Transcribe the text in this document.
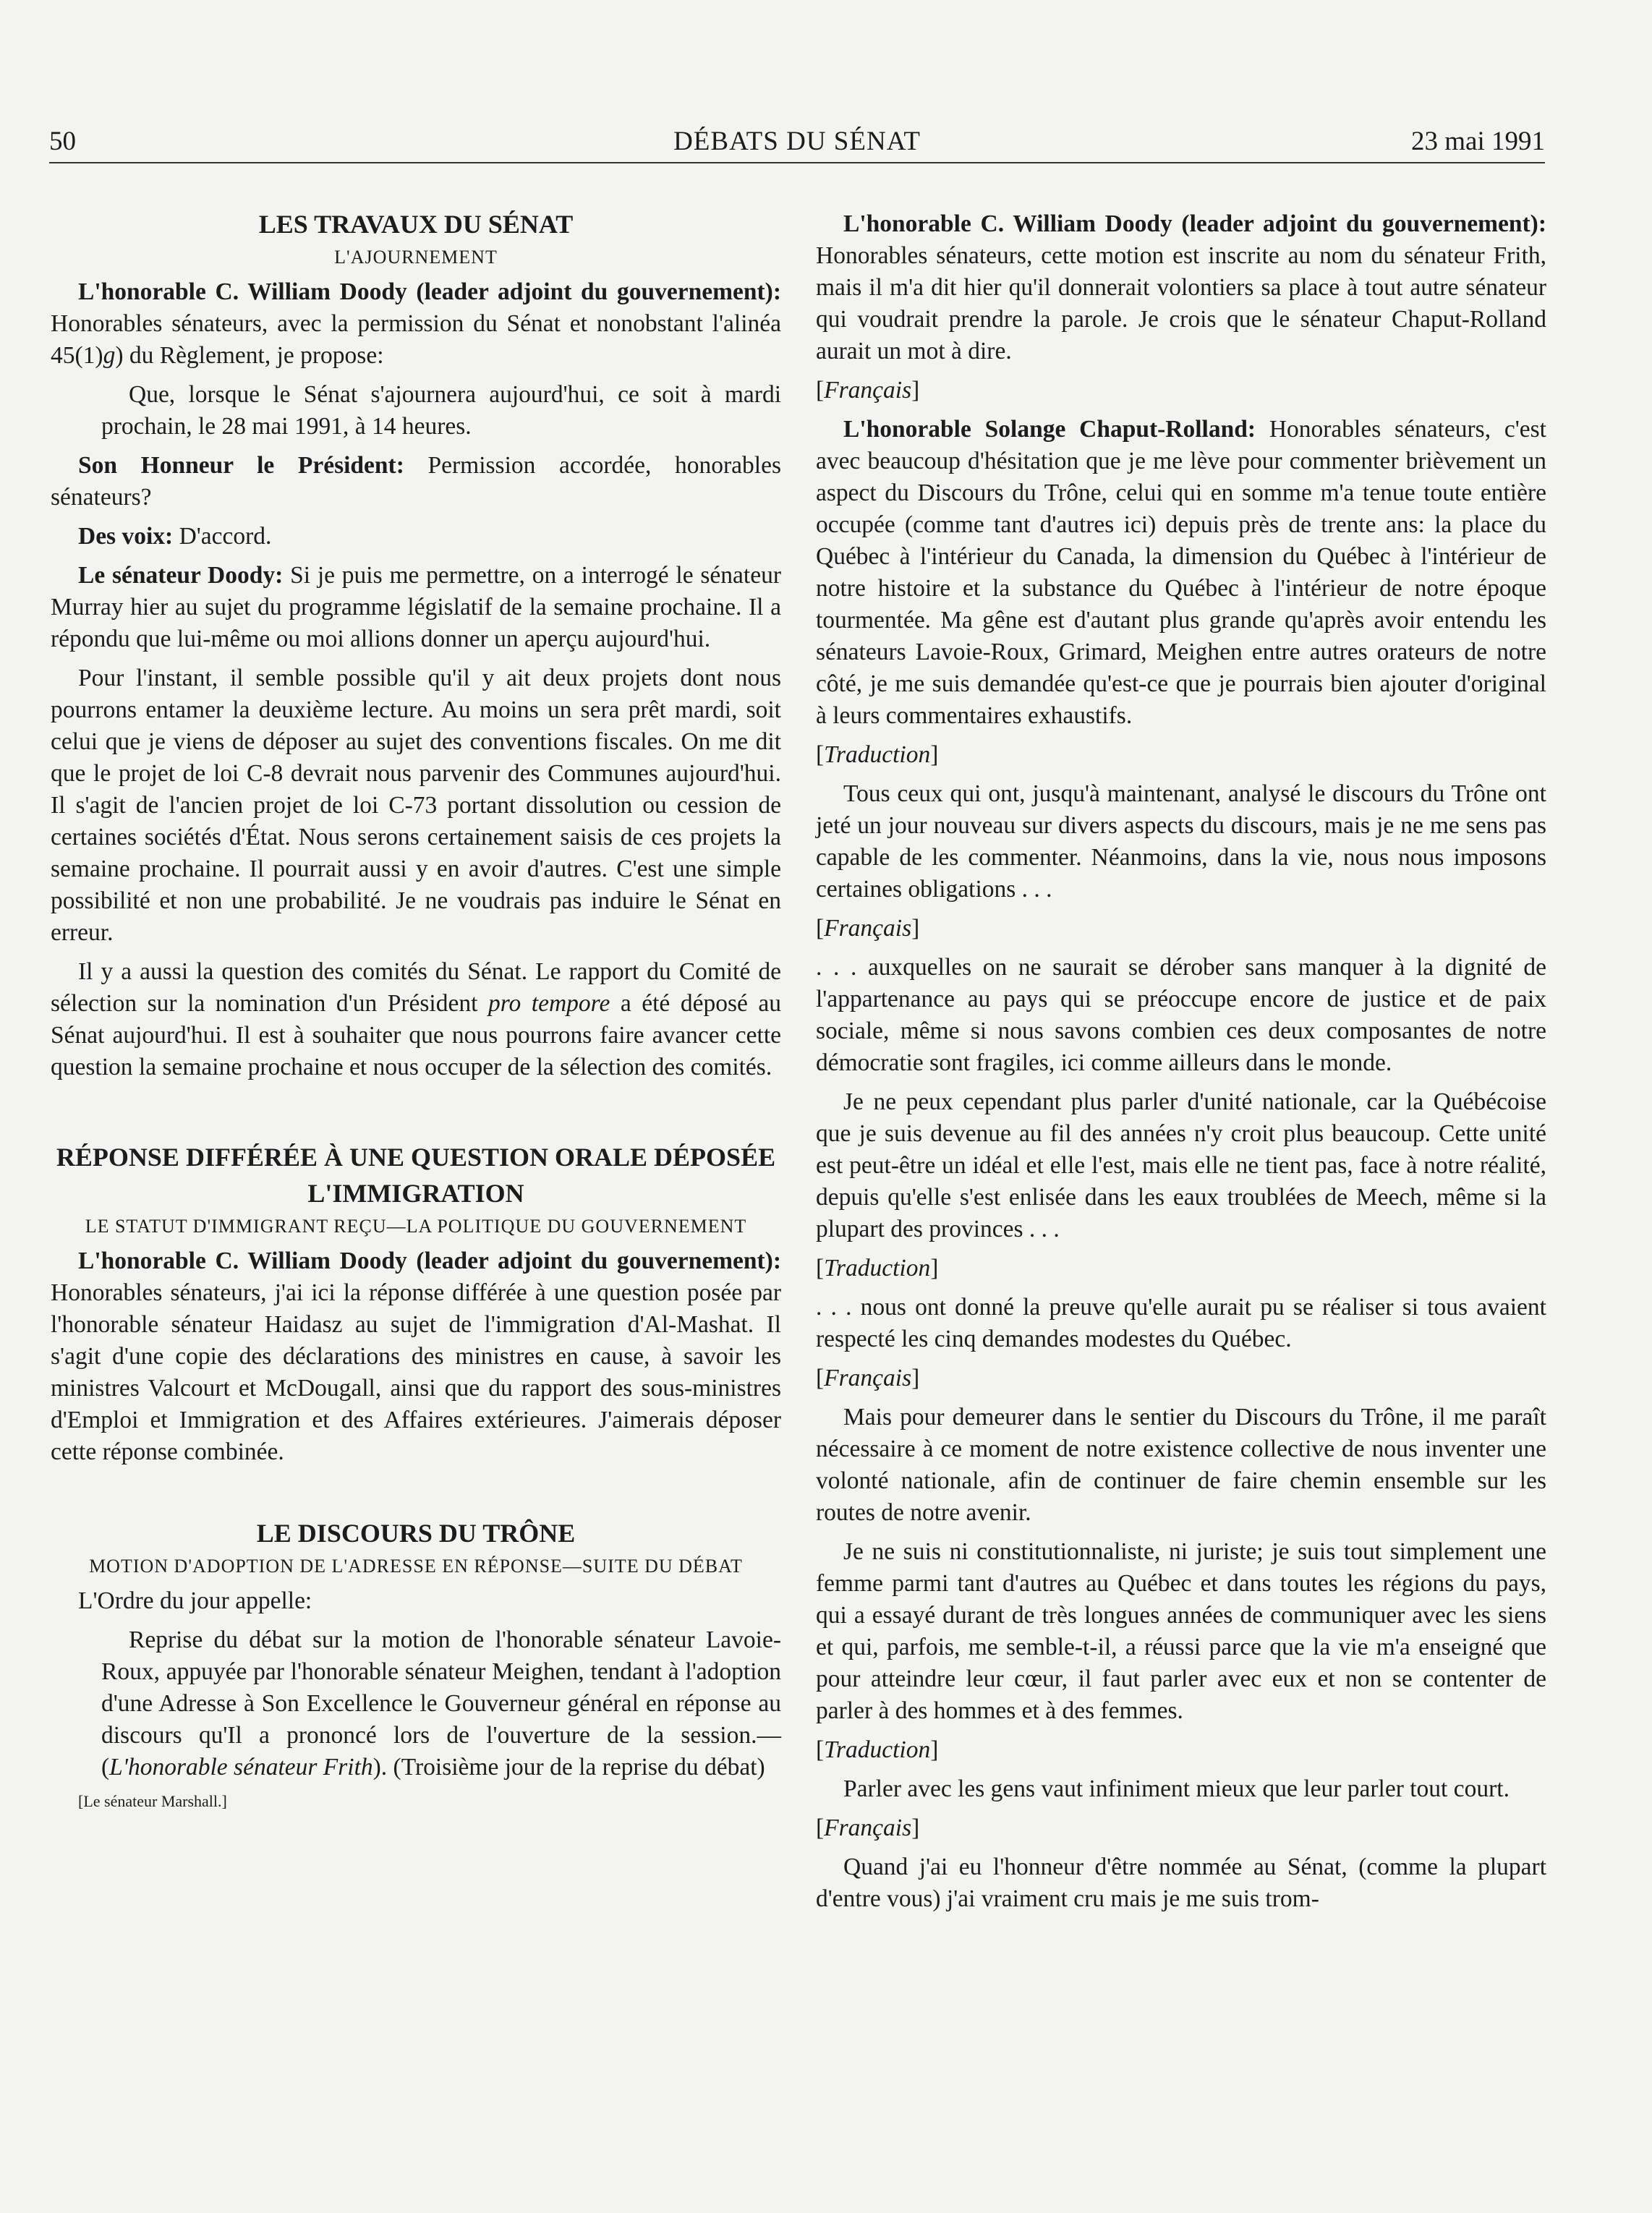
50	DÉBATS DU SÉNAT	23 mai 1991
LES TRAVAUX DU SÉNAT
L'AJOURNEMENT

L'honorable C. William Doody (leader adjoint du gouvernement): Honorables sénateurs, avec la permission du Sénat et nonobstant l'alinéa 45(1)g) du Règlement, je propose:

Que, lorsque le Sénat s'ajournera aujourd'hui, ce soit à mardi prochain, le 28 mai 1991, à 14 heures.

Son Honneur le Président: Permission accordée, honorables sénateurs?

Des voix: D'accord.

Le sénateur Doody: Si je puis me permettre, on a interrogé le sénateur Murray hier au sujet du programme législatif de la semaine prochaine. Il a répondu que lui-même ou moi allions donner un aperçu aujourd'hui.

Pour l'instant, il semble possible qu'il y ait deux projets dont nous pourrons entamer la deuxième lecture. Au moins un sera prêt mardi, soit celui que je viens de déposer au sujet des conventions fiscales. On me dit que le projet de loi C-8 devrait nous parvenir des Communes aujourd'hui. Il s'agit de l'ancien projet de loi C-73 portant dissolution ou cession de certaines sociétés d'État. Nous serons certainement saisis de ces projets la semaine prochaine. Il pourrait aussi y en avoir d'autres. C'est une simple possibilité et non une probabilité. Je ne voudrais pas induire le Sénat en erreur.

Il y a aussi la question des comités du Sénat. Le rapport du Comité de sélection sur la nomination d'un Président pro tempore a été déposé au Sénat aujourd'hui. Il est à souhaiter que nous pourrons faire avancer cette question la semaine prochaine et nous occuper de la sélection des comités.

RÉPONSE DIFFÉRÉE À UNE QUESTION ORALE DÉPOSÉE
L'IMMIGRATION
LE STATUT D'IMMIGRANT REÇU—LA POLITIQUE DU GOUVERNEMENT

L'honorable C. William Doody (leader adjoint du gouvernement): Honorables sénateurs, j'ai ici la réponse différée à une question posée par l'honorable sénateur Haidasz au sujet de l'immigration d'Al-Mashat. Il s'agit d'une copie des déclarations des ministres en cause, à savoir les ministres Valcourt et McDougall, ainsi que du rapport des sous-ministres d'Emploi et Immigration et des Affaires extérieures. J'aimerais déposer cette réponse combinée.

LE DISCOURS DU TRÔNE
MOTION D'ADOPTION DE L'ADRESSE EN RÉPONSE—SUITE DU DÉBAT

L'Ordre du jour appelle:

Reprise du débat sur la motion de l'honorable sénateur Lavoie-Roux, appuyée par l'honorable sénateur Meighen, tendant à l'adoption d'une Adresse à Son Excellence le Gouverneur général en réponse au discours qu'Il a prononcé lors de l'ouverture de la session.—(L'honorable sénateur Frith). (Troisième jour de la reprise du débat)

[Le sénateur Marshall.]

L'honorable C. William Doody (leader adjoint du gouvernement): Honorables sénateurs, cette motion est inscrite au nom du sénateur Frith, mais il m'a dit hier qu'il donnerait volontiers sa place à tout autre sénateur qui voudrait prendre la parole. Je crois que le sénateur Chaput-Rolland aurait un mot à dire.

[Français]

L'honorable Solange Chaput-Rolland: Honorables sénateurs, c'est avec beaucoup d'hésitation que je me lève pour commenter brièvement un aspect du Discours du Trône, celui qui en somme m'a tenue toute entière occupée (comme tant d'autres ici) depuis près de trente ans: la place du Québec à l'intérieur du Canada, la dimension du Québec à l'intérieur de notre histoire et la substance du Québec à l'intérieur de notre époque tourmentée. Ma gêne est d'autant plus grande qu'après avoir entendu les sénateurs Lavoie-Roux, Grimard, Meighen entre autres orateurs de notre côté, je me suis demandée qu'est-ce que je pourrais bien ajouter d'original à leurs commentaires exhaustifs.

[Traduction]

Tous ceux qui ont, jusqu'à maintenant, analysé le discours du Trône ont jeté un jour nouveau sur divers aspects du discours, mais je ne me sens pas capable de les commenter. Néanmoins, dans la vie, nous nous imposons certaines obligations . . .

[Français]

. . . auxquelles on ne saurait se dérober sans manquer à la dignité de l'appartenance au pays qui se préoccupe encore de justice et de paix sociale, même si nous savons combien ces deux composantes de notre démocratie sont fragiles, ici comme ailleurs dans le monde.

Je ne peux cependant plus parler d'unité nationale, car la Québécoise que je suis devenue au fil des années n'y croit plus beaucoup. Cette unité est peut-être un idéal et elle l'est, mais elle ne tient pas, face à notre réalité, depuis qu'elle s'est enlisée dans les eaux troublées de Meech, même si la plupart des provinces . . .

[Traduction]

. . . nous ont donné la preuve qu'elle aurait pu se réaliser si tous avaient respecté les cinq demandes modestes du Québec.

[Français]

Mais pour demeurer dans le sentier du Discours du Trône, il me paraît nécessaire à ce moment de notre existence collective de nous inventer une volonté nationale, afin de continuer de faire chemin ensemble sur les routes de notre avenir.

Je ne suis ni constitutionnaliste, ni juriste; je suis tout simplement une femme parmi tant d'autres au Québec et dans toutes les régions du pays, qui a essayé durant de très longues années de communiquer avec les siens et qui, parfois, me semble-t-il, a réussi parce que la vie m'a enseigné que pour atteindre leur cœur, il faut parler avec eux et non se contenter de parler à des hommes et à des femmes.

[Traduction]

Parler avec les gens vaut infiniment mieux que leur parler tout court.

[Français]

Quand j'ai eu l'honneur d'être nommée au Sénat, (comme la plupart d'entre vous) j'ai vraiment cru mais je me suis trom-
